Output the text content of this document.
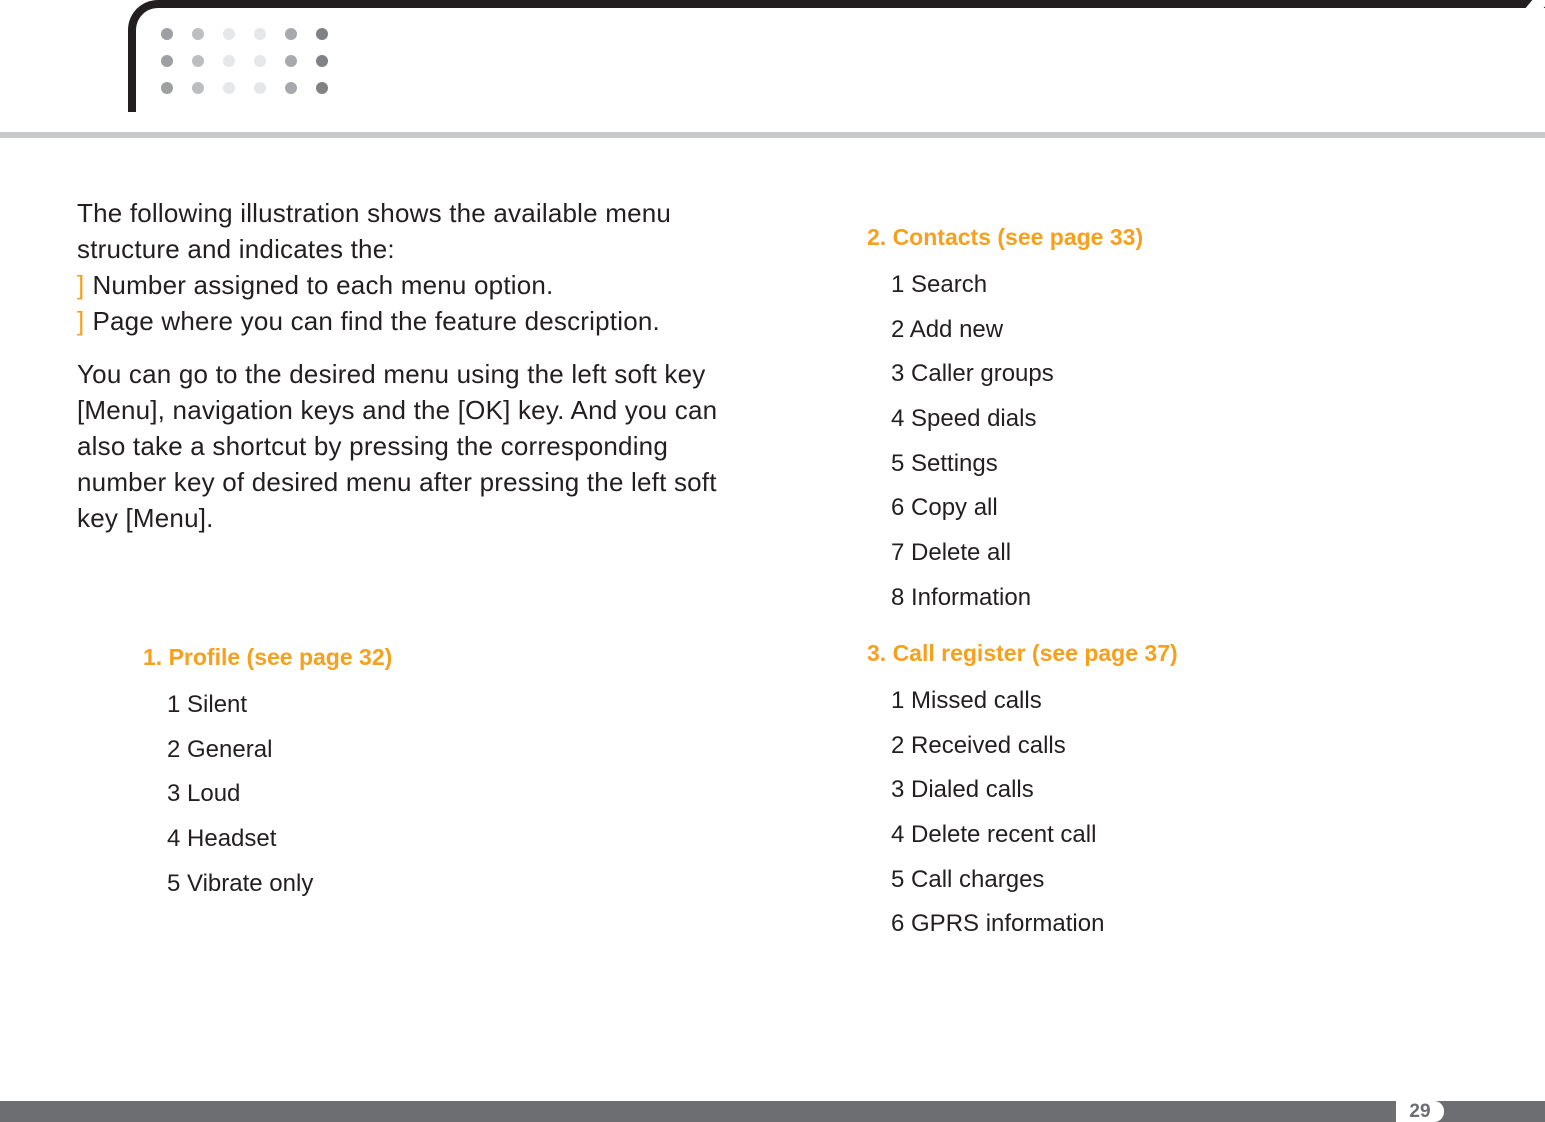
The following illustration shows the available menu structure and indicates the:

] Number assigned to each menu option.

] Page where you can find the feature description.

You can go to the desired menu using the left soft key [Menu], navigation keys and the [OK] key. And you can also take a shortcut by pressing the corresponding number key of desired menu after pressing the left soft key [Menu].

1. Profile (see page 32)
1 Silent
2 General
3 Loud
4 Headset
5 Vibrate only
2. Contacts (see page 33)
1 Search
2 Add new
3 Caller groups
4 Speed dials
5 Settings
6 Copy all
7 Delete all
8 Information
3. Call register (see page 37)
1 Missed calls
2 Received calls
3 Dialed calls
4 Delete recent call
5 Call charges
6 GPRS information
29
